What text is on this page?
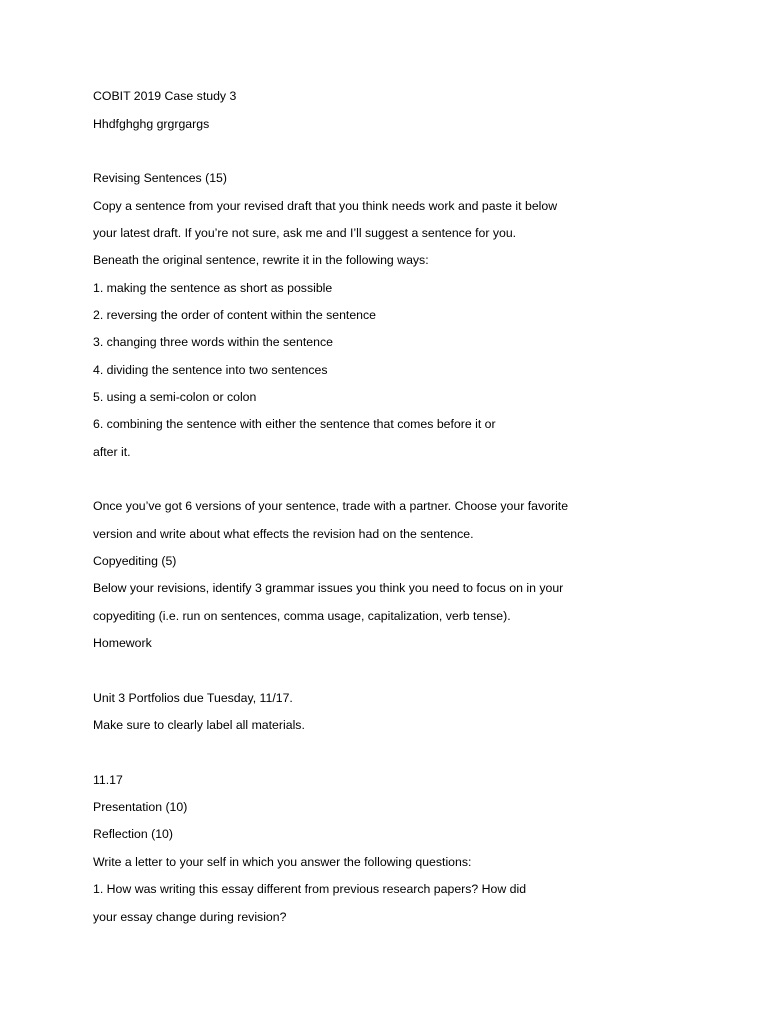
COBIT 2019 Case study 3

Hhdfghghg grgrgargs

Revising Sentences (15)

Copy a sentence from your revised draft that you think needs work and paste it below

your latest draft. If you’re not sure, ask me and I’ll suggest a sentence for you.

Beneath the original sentence, rewrite it in the following ways:

1. making the sentence as short as possible

2. reversing the order of content within the sentence

3. changing three words within the sentence

4. dividing the sentence into two sentences

5. using a semi-colon or colon

6. combining the sentence with either the sentence that comes before it or

after it.

Once you’ve got 6 versions of your sentence, trade with a partner. Choose your favorite

version and write about what effects the revision had on the sentence.

Copyediting (5)

Below your revisions, identify 3 grammar issues you think you need to focus on in your

copyediting (i.e. run on sentences, comma usage, capitalization, verb tense).

Homework

Unit 3 Portfolios due Tuesday, 11/17.

Make sure to clearly label all materials.

11.17

Presentation (10)

Reflection (10)

Write a letter to your self in which you answer the following questions:

1. How was writing this essay different from previous research papers? How did

your essay change during revision?
